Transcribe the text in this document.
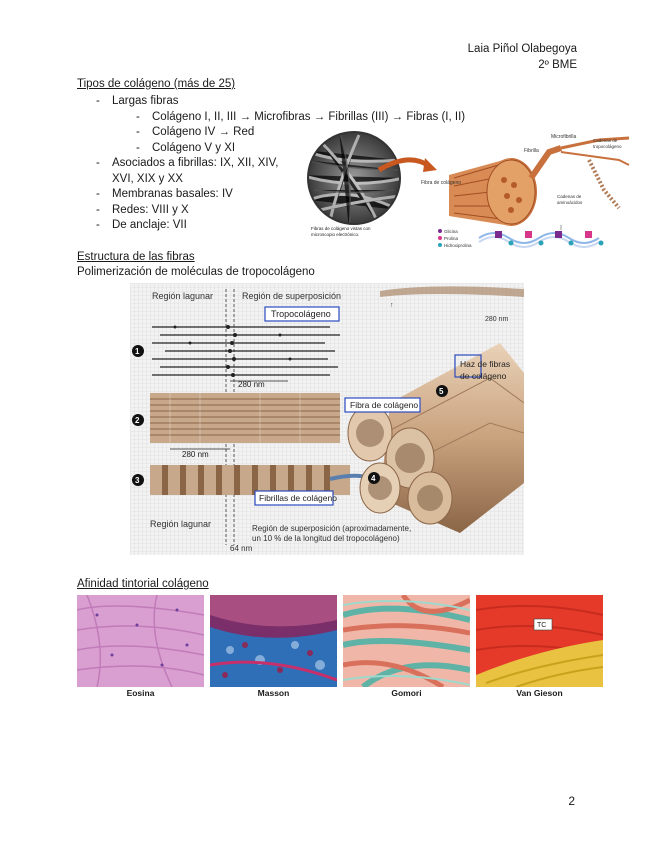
Laia Piñol Olabegoya
2º BME
Tipos de colágeno (más de 25)
- Largas fibras
- Colágeno I, II, III → Microfibras → Fibrillas (III) → Fibras (I, II)
- Colágeno IV → Red
- Colágeno V y XI
- Asociados a fibrillas: IX, XII, XIV,
XVI, XIX y XX
- Membranas basales: IV
- Redes: VIII y X
- De anclaje: VII	Fibras de colágeno vistas con
microscopio electrónico.
Fibra de colágeno
Fibrilla
Microfibrilla
Cadenas de
tropocolágeno
Cadenas de
aminoácidos
Glicina
Prolina
Hidroxiprolina
Estructura de las fibras
Polimerización de moléculas de tropocolágeno
↑
280 nm
Región lagunar	Región de superposición
Tropocolágeno
1
280 nm
2
280 nm
3
Fibrillas de colágeno
4
5
Fibra de colágeno
Haz de fibras
de colágeno
Región lagunar	Región de superposición (aproximadamente,
un 10 % de la longitud del tropocolágeno)
64 nm
Afinidad tintorial colágeno
TC
Eosina	Masson	Gomori	Van Gieson
2
